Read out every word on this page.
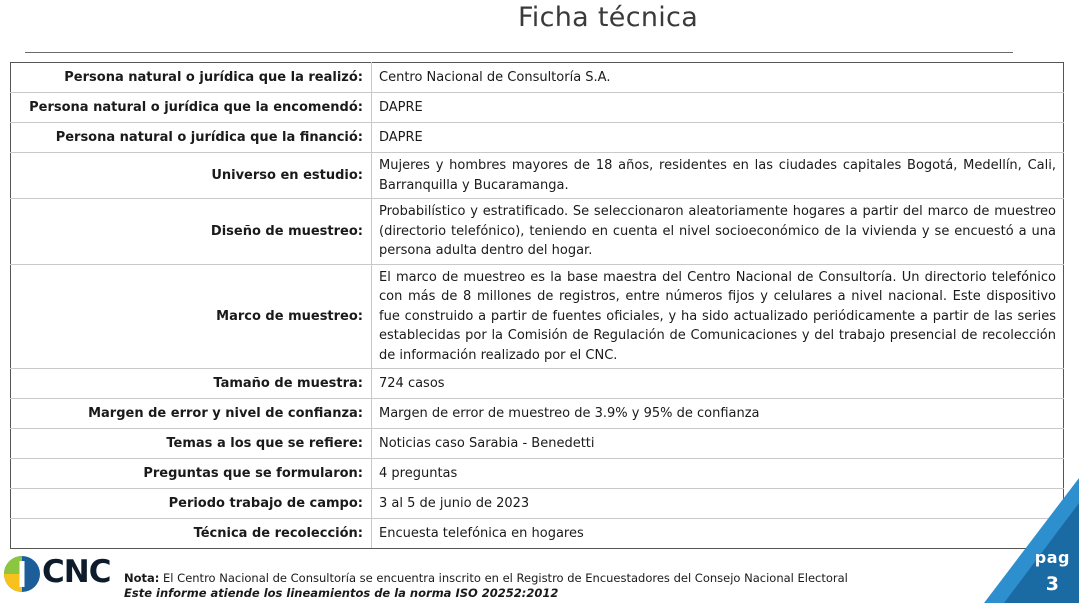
Ficha técnica
Persona natural o jurídica que la realizó:	Centro Nacional de Consultoría S.A.
Persona natural o jurídica que la encomendó:	DAPRE
Persona natural o jurídica que la financió:	DAPRE
Universo en estudio:	Mujeres y hombres mayores de 18 años, residentes en las ciudades capitales Bogotá, Medellín, Cali, Barranquilla y Bucaramanga.
Diseño de muestreo:	Probabilístico y estratificado. Se seleccionaron aleatoriamente hogares a partir del marco de muestreo (directorio telefónico), teniendo en cuenta el nivel socioeconómico de la vivienda y se encuestó a una persona adulta dentro del hogar.
Marco de muestreo:	El marco de muestreo es la base maestra del Centro Nacional de Consultoría. Un directorio telefónico con más de 8 millones de registros, entre números fijos y celulares a nivel nacional. Este dispositivo fue construido a partir de fuentes oficiales, y ha sido actualizado periódicamente a partir de las series establecidas por la Comisión de Regulación de Comunicaciones y del trabajo presencial de recolección de información realizado por el CNC.
Tamaño de muestra:	724 casos
Margen de error y nivel de confianza:	Margen de error de muestreo de 3.9% y 95% de confianza
Temas a los que se refiere:	Noticias caso Sarabia - Benedetti
Preguntas que se formularon:	4 preguntas
Periodo trabajo de campo:	3 al 5 de junio de 2023
Técnica de recolección:	Encuesta telefónica en hogares
pag
3
CNC Nota: El Centro Nacional de Consultoría se encuentra inscrito en el Registro de Encuestadores del Consejo Nacional Electoral
Este informe atiende los lineamientos de la norma ISO 20252:2012
